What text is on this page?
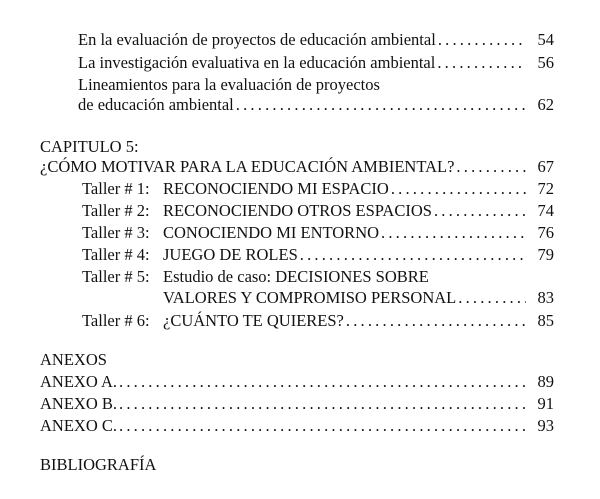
En la evaluación de proyectos de educación ambiental .....	54
La investigación evaluativa en la educación ambiental .....	56
Lineamientos para la evaluación de proyectos
de educación ambiental .....	62
CAPITULO 5:
¿CÓMO MOTIVAR PARA LA EDUCACIÓN AMBIENTAL? .....	67
Taller # 1: RECONOCIENDO MI ESPACIO .....	72
Taller # 2: RECONOCIENDO OTROS ESPACIOS .....	74
Taller # 3: CONOCIENDO MI ENTORNO .....	76
Taller # 4: JUEGO DE ROLES .....	79
Taller # 5: Estudio de caso: DECISIONES SOBRE
VALORES Y COMPROMISO PERSONAL .....	83
Taller # 6: ¿CUÁNTO TE QUIERES? .....	85
ANEXOS
ANEXO A. .....	89
ANEXO B. .....	91
ANEXO C. .....	93
BIBLIOGRAFÍA
